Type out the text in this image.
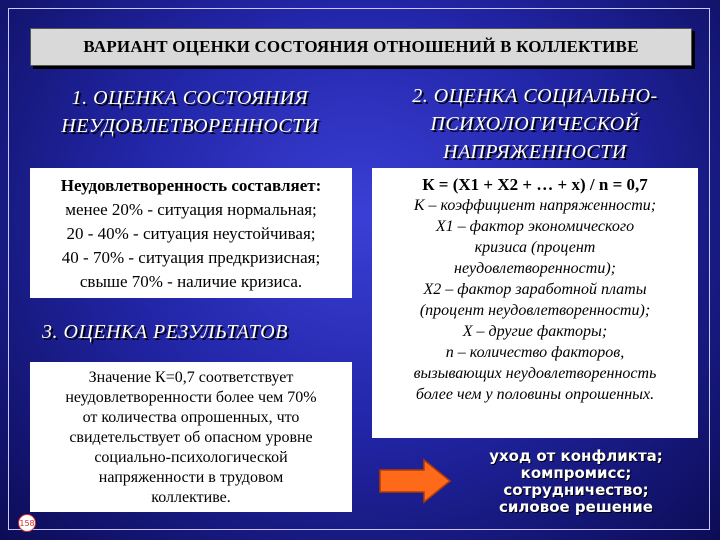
ВАРИАНТ ОЦЕНКИ СОСТОЯНИЯ ОТНОШЕНИЙ В КОЛЛЕКТИВЕ
1. ОЦЕНКА СОСТОЯНИЯ
НЕУДОВЛЕТВОРЕННОСТИ
2. ОЦЕНКА СОЦИАЛЬНО-
ПСИХОЛОГИЧЕСКОЙ
НАПРЯЖЕННОСТИ
Неудовлетворенность составляет:
менее 20% - ситуация нормальная;
20 - 40% - ситуация неустойчивая;
40 - 70% - ситуация предкризисная;
свыше 70% - наличие кризиса.
К = (Х1 + Х2 + … + х) / n = 0,7
К – коэффициент напряженности;
Х1 – фактор экономического
кризиса (процент
неудовлетворенности);
Х2 – фактор заработной платы
(процент неудовлетворенности);
Х – другие факторы;
n – количество факторов,
вызывающих неудовлетворенность
более чем у половины опрошенных.
3. ОЦЕНКА РЕЗУЛЬТАТОВ
Значение К=0,7 соответствует
неудовлетворенности более чем 70%
от количества опрошенных, что
свидетельствует об опасном уровне
социально-психологической
напряженности в трудовом
коллективе.
уход от конфликта;
компромисс;
сотрудничество;
силовое решение
158
